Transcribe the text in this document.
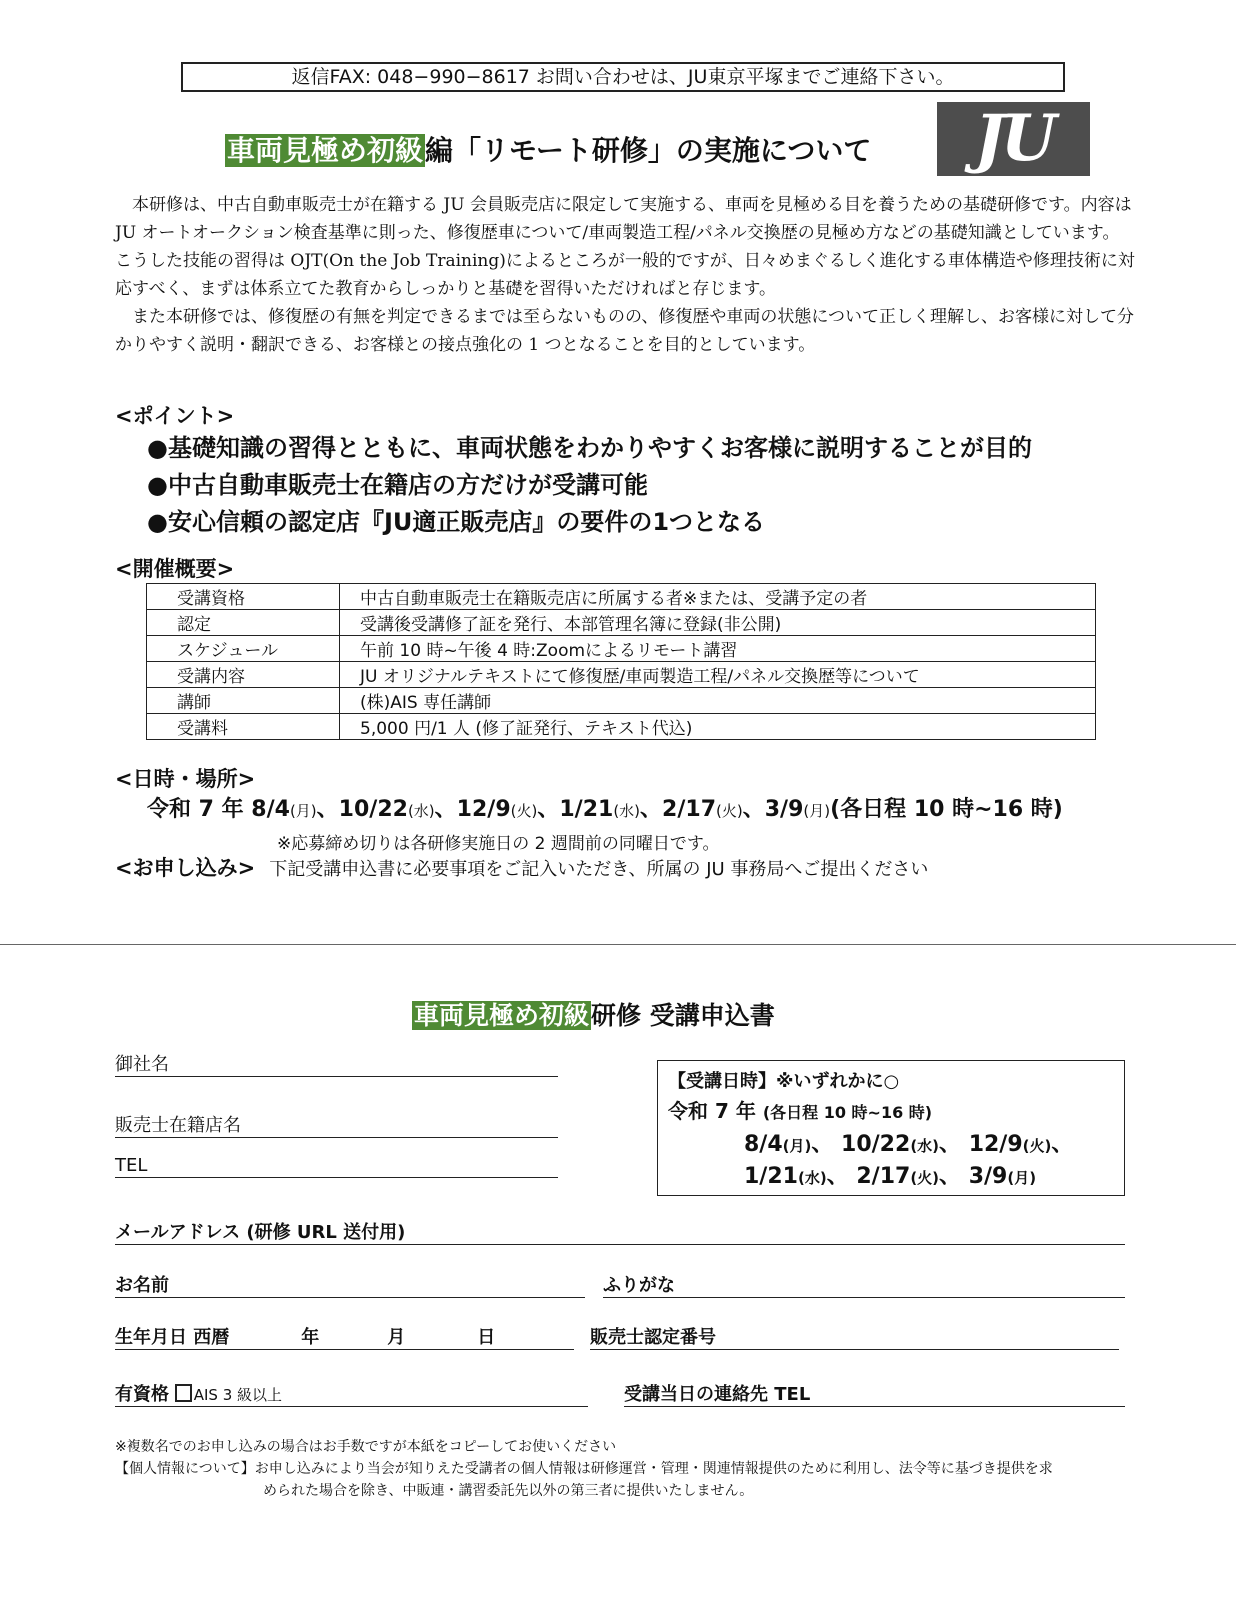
返信FAX: 048−990−8617 お問い合わせは、JU東京平塚までご連絡下さい。
車両見極め初級編「リモート研修」の実施について	JU

本研修は、中古自動車販売士が在籍する JU 会員販売店に限定して実施する、車両を見極める目を養うための基礎研修です。内容は JU オートオークション検査基準に則った、修復歴車について/車両製造工程/パネル交換歴の見極め方などの基礎知識としています。こうした技能の習得は OJT(On the Job Training)によるところが一般的ですが、日々めまぐるしく進化する車体構造や修理技術に対応すべく、まずは体系立てた教育からしっかりと基礎を習得いただければと存じます。

また本研修では、修復歴の有無を判定できるまでは至らないものの、修復歴や車両の状態について正しく理解し、お客様に対して分かりやすく説明・翻訳できる、お客様との接点強化の 1 つとなることを目的としています。

<ポイント>
●基礎知識の習得とともに、車両状態をわかりやすくお客様に説明することが目的
●中古自動車販売士在籍店の方だけが受講可能
●安心信頼の認定店『JU適正販売店』の要件の1つとなる
<開催概要>
受講資格	中古自動車販売士在籍販売店に所属する者※または、受講予定の者
認定	受講後受講修了証を発行、本部管理名簿に登録(非公開)
スケジュール	午前 10 時~午後 4 時:Zoomによるリモート講習
受講内容	JU オリジナルテキストにて修復歴/車両製造工程/パネル交換歴等について
講師	(株)AIS 専任講師
受講料	5,000 円/1 人 (修了証発行、テキスト代込)
<日時・場所>
令和 7 年 8/4(月)、10/22(水)、12/9(火)、1/21(水)、2/17(火)、3/9(月)(各日程 10 時~16 時)
※応募締め切りは各研修実施日の 2 週間前の同曜日です。
<お申し込み> 下記受講申込書に必要事項をご記入いただき、所属の JU 事務局へご提出ください
車両見極め初級研修 受講申込書
御社名
販売士在籍店名
TEL
【受講日時】※いずれかに○
令和 7 年 (各日程 10 時~16 時)
8/4(月)、 10/22(水)、 12/9(火)、
1/21(水)、 2/17(火)、 3/9(月)
メールアドレス (研修 URL 送付用)
お名前	ふりがな
生年月日 西暦	年	月	日	販売士認定番号
有資格 AIS 3 級以上	受講当日の連絡先 TEL
※複数名でのお申し込みの場合はお手数ですが本紙をコピーしてお使いください
【個人情報について】お申し込みにより当会が知りえた受講者の個人情報は研修運営・管理・関連情報提供のために利用し、法令等に基づき提供を求
められた場合を除き、中販連・講習委託先以外の第三者に提供いたしません。
